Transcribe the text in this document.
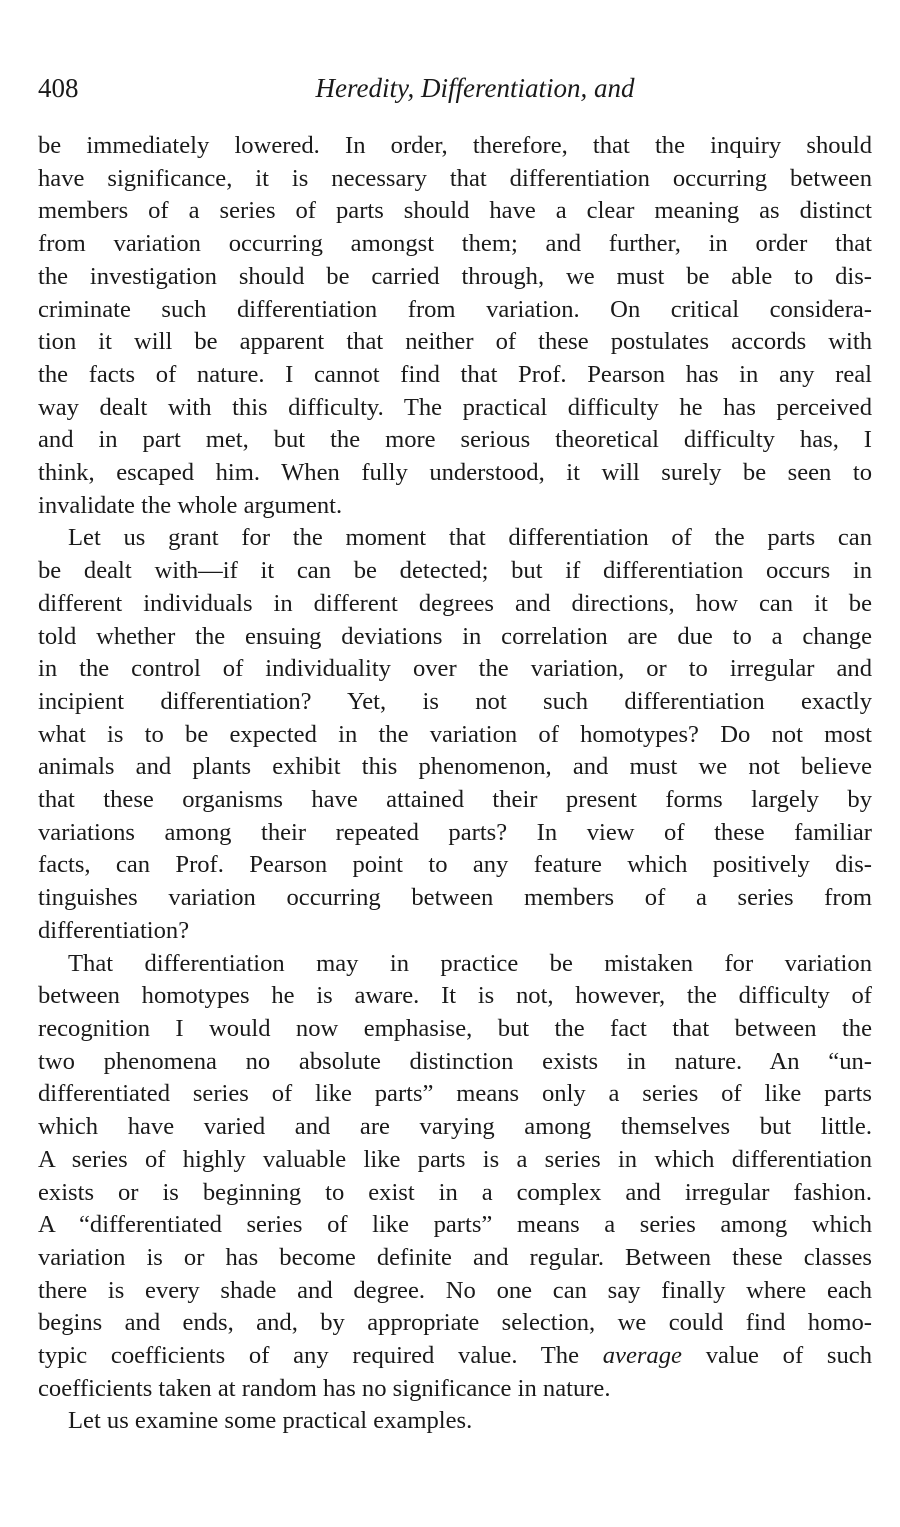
408	Heredity, Differentiation, and

be immediately lowered. In order, therefore, that the inquiry should
have significance, it is necessary that differentiation occurring between
members of a series of parts should have a clear meaning as distinct
from variation occurring amongst them; and further, in order that
the investigation should be carried through, we must be able to dis-
criminate such differentiation from variation. On critical considera-
tion it will be apparent that neither of these postulates accords with
the facts of nature. I cannot find that Prof. Pearson has in any real
way dealt with this difficulty. The practical difficulty he has perceived
and in part met, but the more serious theoretical difficulty has, I
think, escaped him. When fully understood, it will surely be seen to
invalidate the whole argument.

Let us grant for the moment that differentiation of the parts can
be dealt with—if it can be detected; but if differentiation occurs in
different individuals in different degrees and directions, how can it be
told whether the ensuing deviations in correlation are due to a change
in the control of individuality over the variation, or to irregular and
incipient differentiation? Yet, is not such differentiation exactly
what is to be expected in the variation of homotypes? Do not most
animals and plants exhibit this phenomenon, and must we not believe
that these organisms have attained their present forms largely by
variations among their repeated parts? In view of these familiar
facts, can Prof. Pearson point to any feature which positively dis-
tinguishes variation occurring between members of a series from
differentiation?

That differentiation may in practice be mistaken for variation
between homotypes he is aware. It is not, however, the difficulty of
recognition I would now emphasise, but the fact that between the
two phenomena no absolute distinction exists in nature. An “un-
differentiated series of like parts” means only a series of like parts
which have varied and are varying among themselves but little.
A series of highly valuable like parts is a series in which differentiation
exists or is beginning to exist in a complex and irregular fashion.
A “differentiated series of like parts” means a series among which
variation is or has become definite and regular. Between these classes
there is every shade and degree. No one can say finally where each
begins and ends, and, by appropriate selection, we could find homo-
typic coefficients of any required value. The average value of such
coefficients taken at random has no significance in nature.

Let us examine some practical examples.
